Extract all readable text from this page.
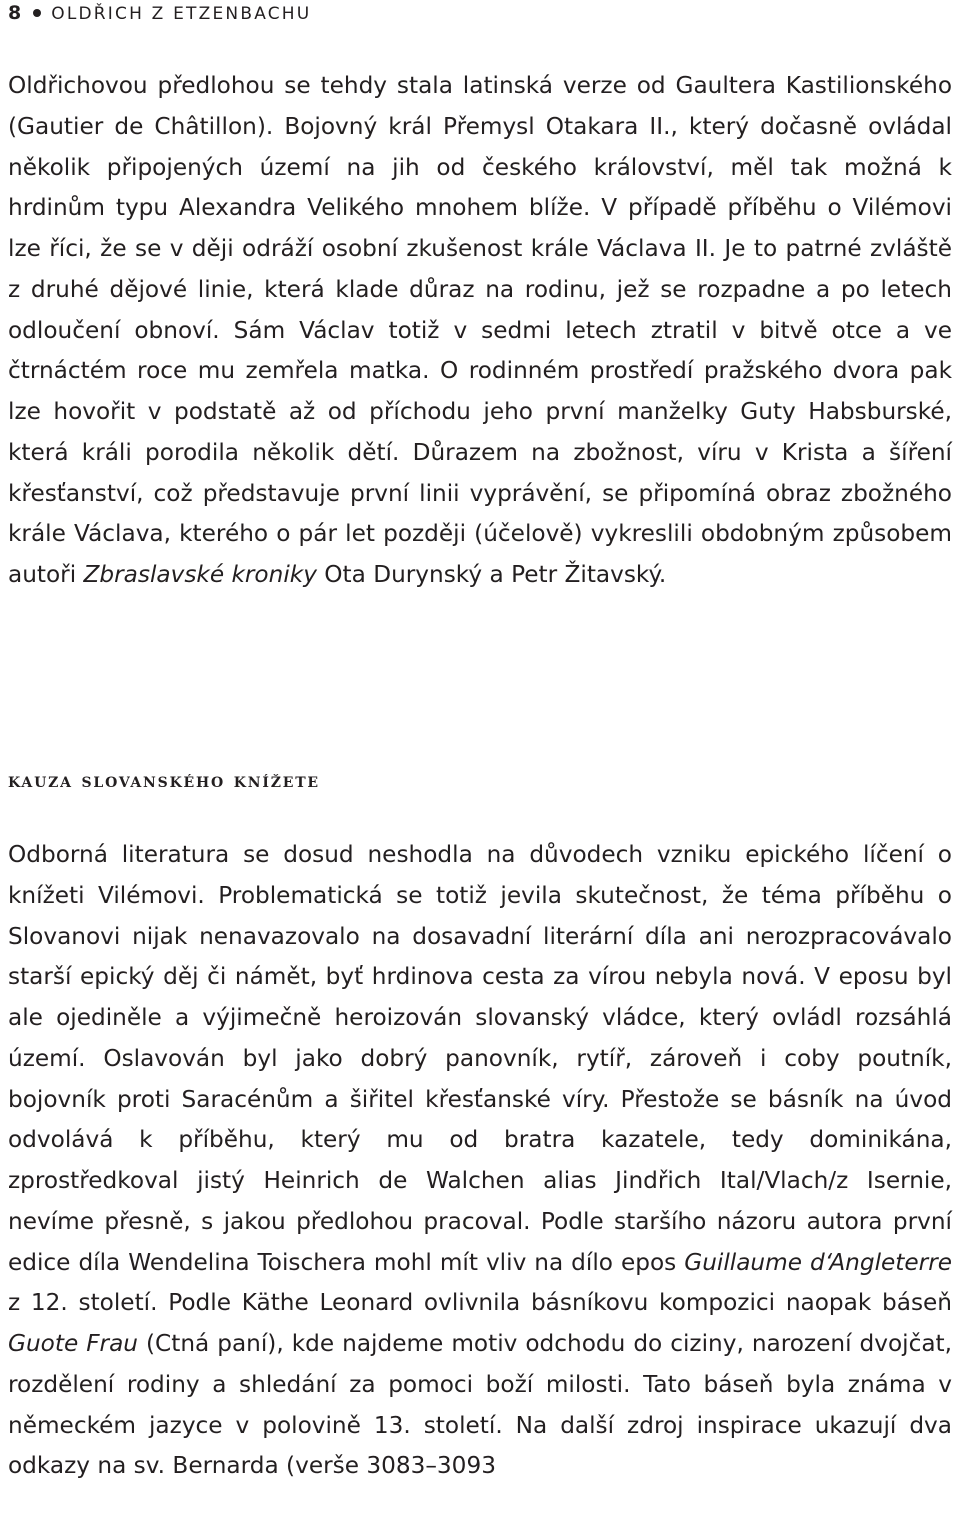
8 OLDŘICH Z ETZENBACHU

Oldřichovou předlohou se tehdy stala latinská verze od Gaultera Kastilionského (Gautier de Châtillon). Bojovný král Přemysl Otakara II., který dočasně ovládal několik připojených území na jih od českého království, měl tak možná k hrdinům typu Alexandra Velikého mnohem blíže. V případě příběhu o Vilémovi lze říci, že se v ději odráží osobní zkušenost krále Václava II. Je to patrné zvláště z druhé dějové linie, která klade důraz na rodinu, jež se rozpadne a po letech odloučení obnoví. Sám Václav totiž v sedmi letech ztratil v bitvě otce a ve čtrnáctém roce mu zemřela matka. O rodinném prostředí pražského dvora pak lze hovořit v podstatě až od příchodu jeho první manželky Guty Habsburské, která králi porodila několik dětí. Důrazem na zbožnost, víru v Krista a šíření křesťanství, což představuje první linii vyprávění, se připomíná obraz zbožného krále Václava, kterého o pár let později (účelově) vykreslili obdobným způsobem autoři Zbraslavské kroniky Ota Durynský a Petr Žitavský.

kauza slovanského knížete

Odborná literatura se dosud neshodla na důvodech vzniku epického líčení o knížeti Vilémovi. Problematická se totiž jevila skutečnost, že téma příběhu o Slovanovi nijak nenavazovalo na dosavadní literární díla ani nerozpracovávalo starší epický děj či námět, byť hrdinova cesta za vírou nebyla nová. V eposu byl ale ojediněle a výjimečně heroizován slovanský vládce, který ovládl rozsáhlá území. Oslavován byl jako dobrý panovník, rytíř, zároveň i coby poutník, bojovník proti Saracénům a šiřitel křesťanské víry. Přestože se básník na úvod odvolává k příběhu, který mu od bratra kazatele, tedy dominikána, zprostředkoval jistý Heinrich de Walchen alias Jindřich Ital/Vlach/z Isernie, nevíme přesně, s jakou předlohou pracoval. Podle staršího názoru autora první edice díla Wendelina Toischera mohl mít vliv na dílo epos Guillaume d‘Angleterre z 12. století. Podle Käthe Leonard ovlivnila básníkovu kompozici naopak báseň Guote Frau (Ctná paní), kde najdeme motiv odchodu do ciziny, narození dvojčat, rozdělení rodiny a shledání za pomoci boží milosti. Tato báseň byla známa v německém jazyce v polovině 13. století. Na další zdroj inspirace ukazují dva odkazy na sv. Bernarda (verše 3083–3093
